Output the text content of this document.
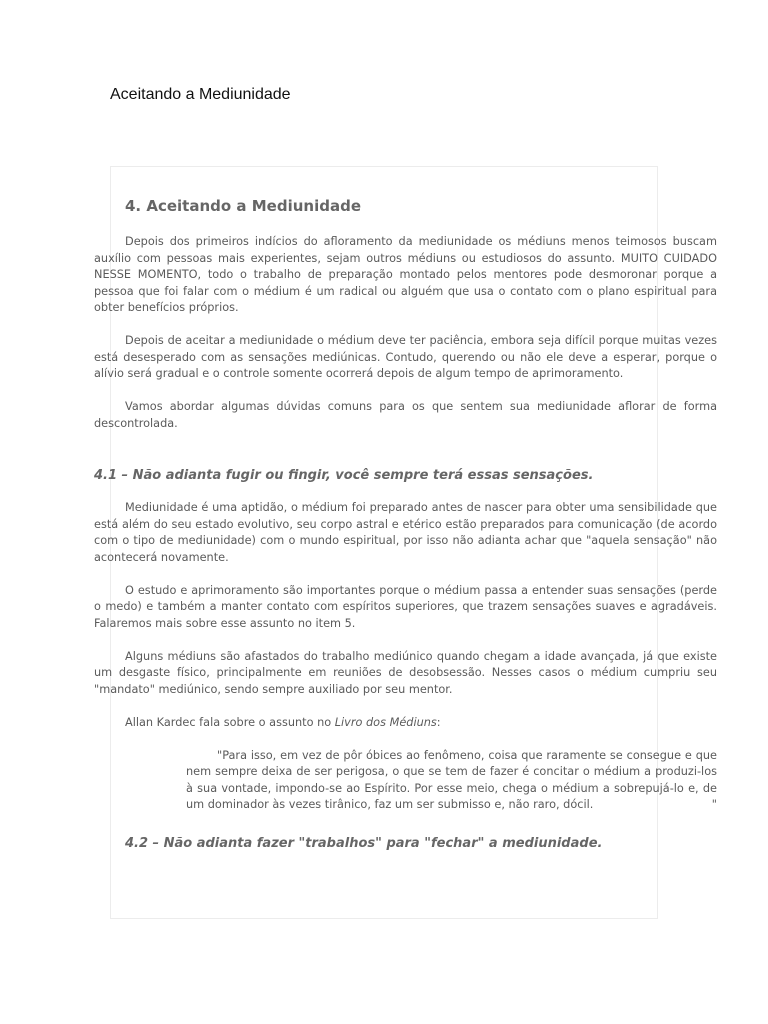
Aceitando a Mediunidade
4. Aceitando a Mediunidade

Depois dos primeiros indícios do afloramento da mediunidade os médiuns menos teimosos buscam auxílio com pessoas mais experientes, sejam outros médiuns ou estudiosos do assunto. MUITO CUIDADO NESSE MOMENTO, todo o trabalho de preparação montado pelos mentores pode desmoronar porque a pessoa que foi falar com o médium é um radical ou alguém que usa o contato com o plano espiritual para obter benefícios próprios.

Depois de aceitar a mediunidade o médium deve ter paciência, embora seja difícil porque muitas vezes está desesperado com as sensações mediúnicas. Contudo, querendo ou não ele deve a esperar, porque o alívio será gradual e o controle somente ocorrerá depois de algum tempo de aprimoramento.

Vamos abordar algumas dúvidas comuns para os que sentem sua mediunidade aflorar de forma descontrolada.

4.1 – Não adianta fugir ou fingir, você sempre terá essas sensações.

Mediunidade é uma aptidão, o médium foi preparado antes de nascer para obter uma sensibilidade que está além do seu estado evolutivo, seu corpo astral e etérico estão preparados para comunicação (de acordo com o tipo de mediunidade) com o mundo espiritual, por isso não adianta achar que "aquela sensação" não acontecerá novamente.

O estudo e aprimoramento são importantes porque o médium passa a entender suas sensações (perde o medo) e também a manter contato com espíritos superiores, que trazem sensações suaves e agradáveis. Falaremos mais sobre esse assunto no item 5.

Alguns médiuns são afastados do trabalho mediúnico quando chegam a idade avançada, já que existe um desgaste físico, principalmente em reuniões de desobsessão. Nesses casos o médium cumpriu seu "mandato" mediúnico, sendo sempre auxiliado por seu mentor.

Allan Kardec fala sobre o assunto no Livro dos Médiuns:

"Para isso, em vez de pôr óbices ao fenômeno, coisa que raramente se consegue e que nem sempre deixa de ser perigosa, o que se tem de fazer é concitar o médium a produzi-los à sua vontade, impondo-se ao Espírito. Por esse meio, chega o médium a sobrepujá-lo e, de um dominador às vezes tirânico, faz um ser submisso e, não raro, dócil.	"
4.2 – Não adianta fazer "trabalhos" para "fechar" a mediunidade.
